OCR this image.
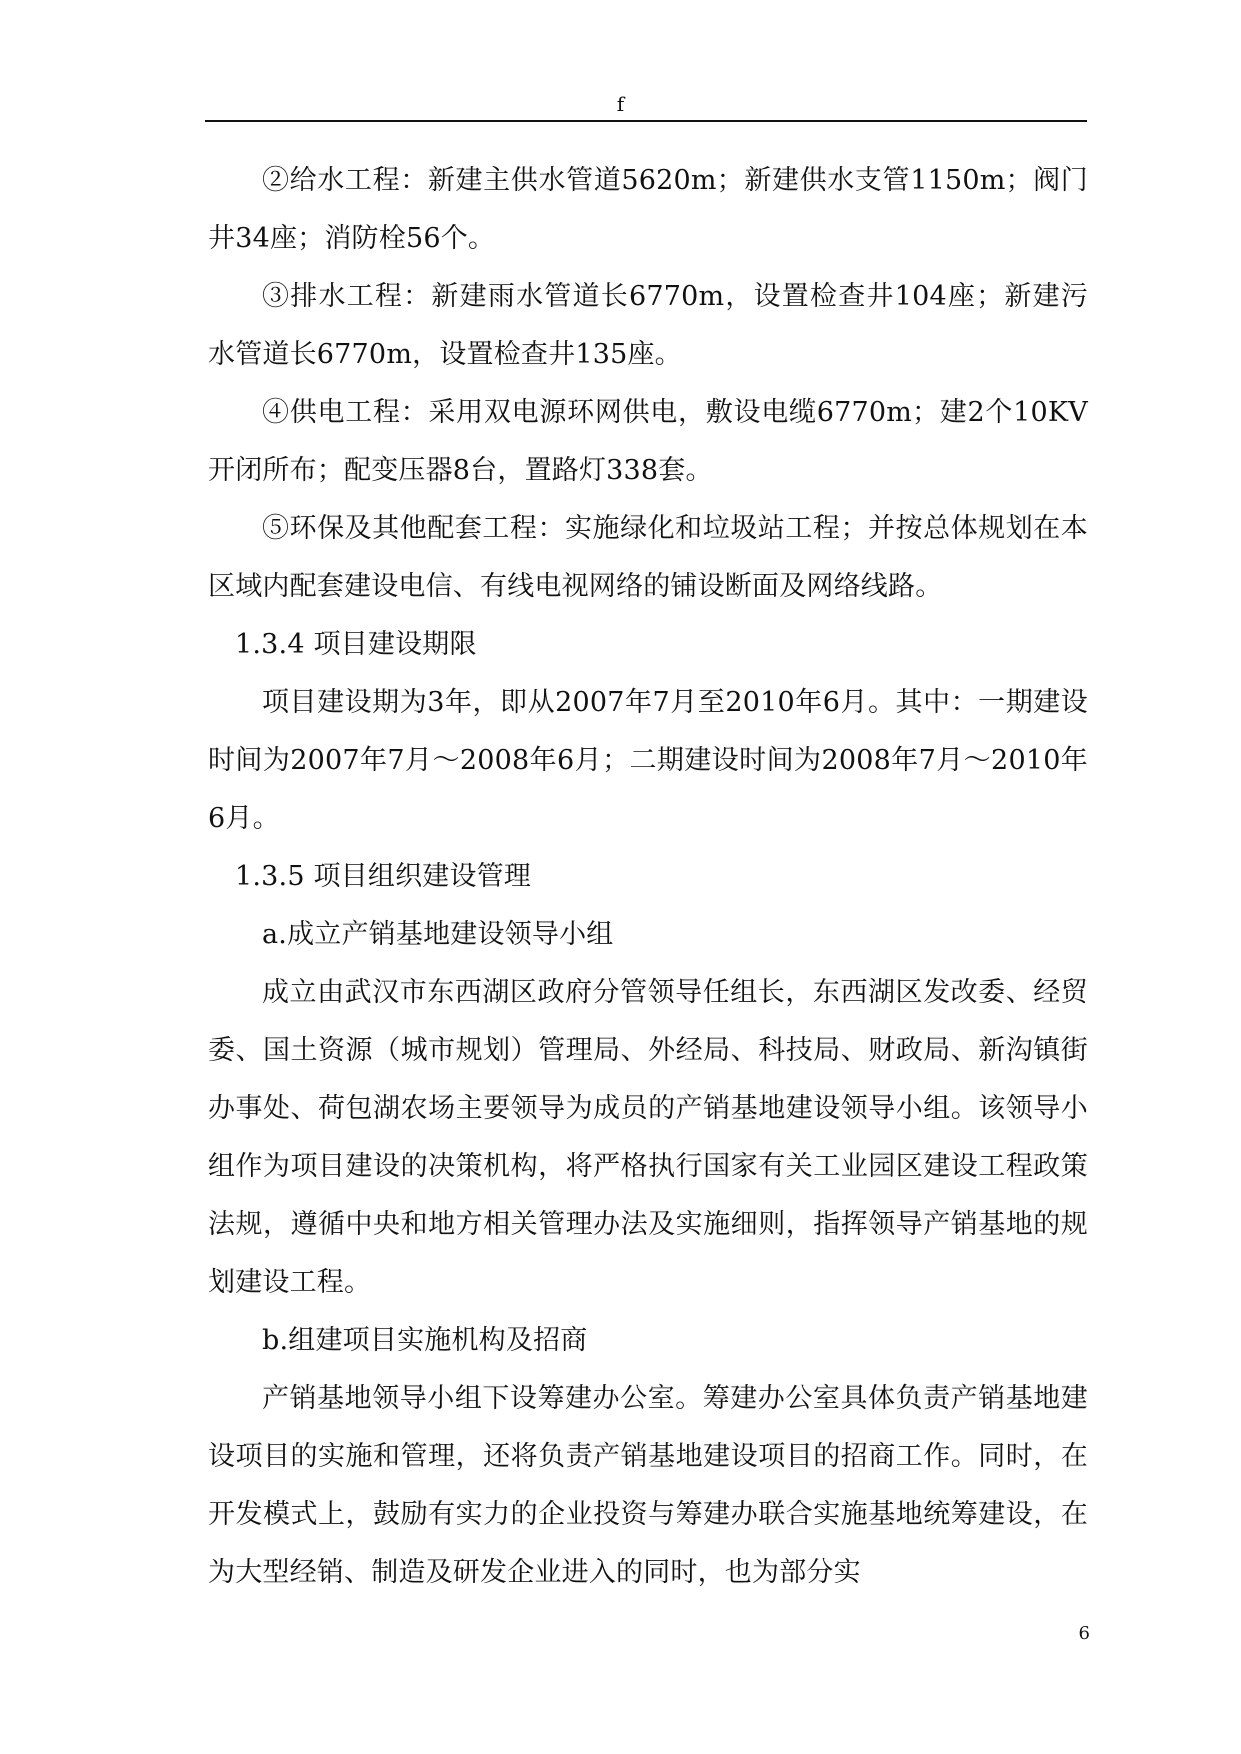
f

②给水工程：新建主供水管道5620m；新建供水支管1150m；阀门井34座；消防栓56个。

③排水工程：新建雨水管道长6770m，设置检查井104座；新建污水管道长6770m，设置检查井135座。

④供电工程：采用双电源环网供电，敷设电缆6770m；建2个10KV开闭所布；配变压器8台，置路灯338套。

⑤环保及其他配套工程：实施绿化和垃圾站工程；并按总体规划在本区域内配套建设电信、有线电视网络的铺设断面及网络线路。

1.3.4 项目建设期限

项目建设期为3年，即从2007年7月至2010年6月。其中：一期建设时间为2007年7月～2008年6月；二期建设时间为2008年7月～2010年6月。

1.3.5 项目组织建设管理

a.成立产销基地建设领导小组

成立由武汉市东西湖区政府分管领导任组长，东西湖区发改委、经贸委、国土资源（城市规划）管理局、外经局、科技局、财政局、新沟镇街办事处、荷包湖农场主要领导为成员的产销基地建设领导小组。该领导小组作为项目建设的决策机构，将严格执行国家有关工业园区建设工程政策法规，遵循中央和地方相关管理办法及实施细则，指挥领导产销基地的规划建设工程。

b.组建项目实施机构及招商

产销基地领导小组下设筹建办公室。筹建办公室具体负责产销基地建设项目的实施和管理，还将负责产销基地建设项目的招商工作。同时，在开发模式上，鼓励有实力的企业投资与筹建办联合实施基地统筹建设，在为大型经销、制造及研发企业进入的同时，也为部分实

6
